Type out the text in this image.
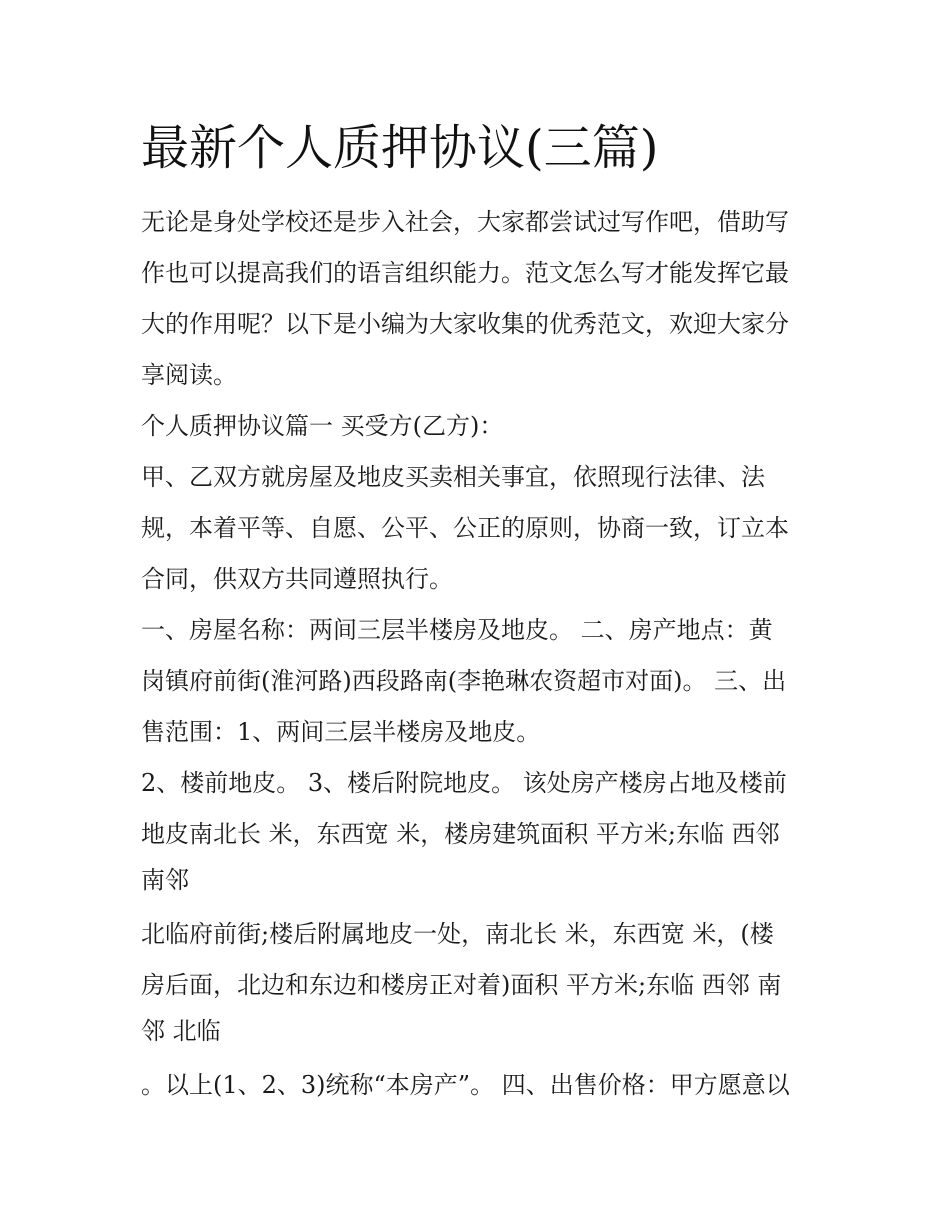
最新个人质押协议(三篇)
无论是身处学校还是步入社会，大家都尝试过写作吧，借助写
作也可以提高我们的语言组织能力。范文怎么写才能发挥它最
大的作用呢？以下是小编为大家收集的优秀范文，欢迎大家分
享阅读。
个人质押协议篇一 买受方(乙方)：
甲、乙双方就房屋及地皮买卖相关事宜，依照现行法律、法
规，本着平等、自愿、公平、公正的原则，协商一致，订立本
合同，供双方共同遵照执行。
一、房屋名称：两间三层半楼房及地皮。 二、房产地点：黄
岗镇府前街(淮河路)西段路南(李艳琳农资超市对面)。 三、出
售范围：1、两间三层半楼房及地皮。
2、楼前地皮。 3、楼后附院地皮。 该处房产楼房占地及楼前
地皮南北长 米，东西宽 米，楼房建筑面积 平方米;东临 西邻
南邻
北临府前街;楼后附属地皮一处，南北长 米，东西宽 米，(楼
房后面，北边和东边和楼房正对着)面积 平方米;东临 西邻 南
邻 北临
。以上(1、2、3)统称“本房产”。 四、出售价格：甲方愿意以
